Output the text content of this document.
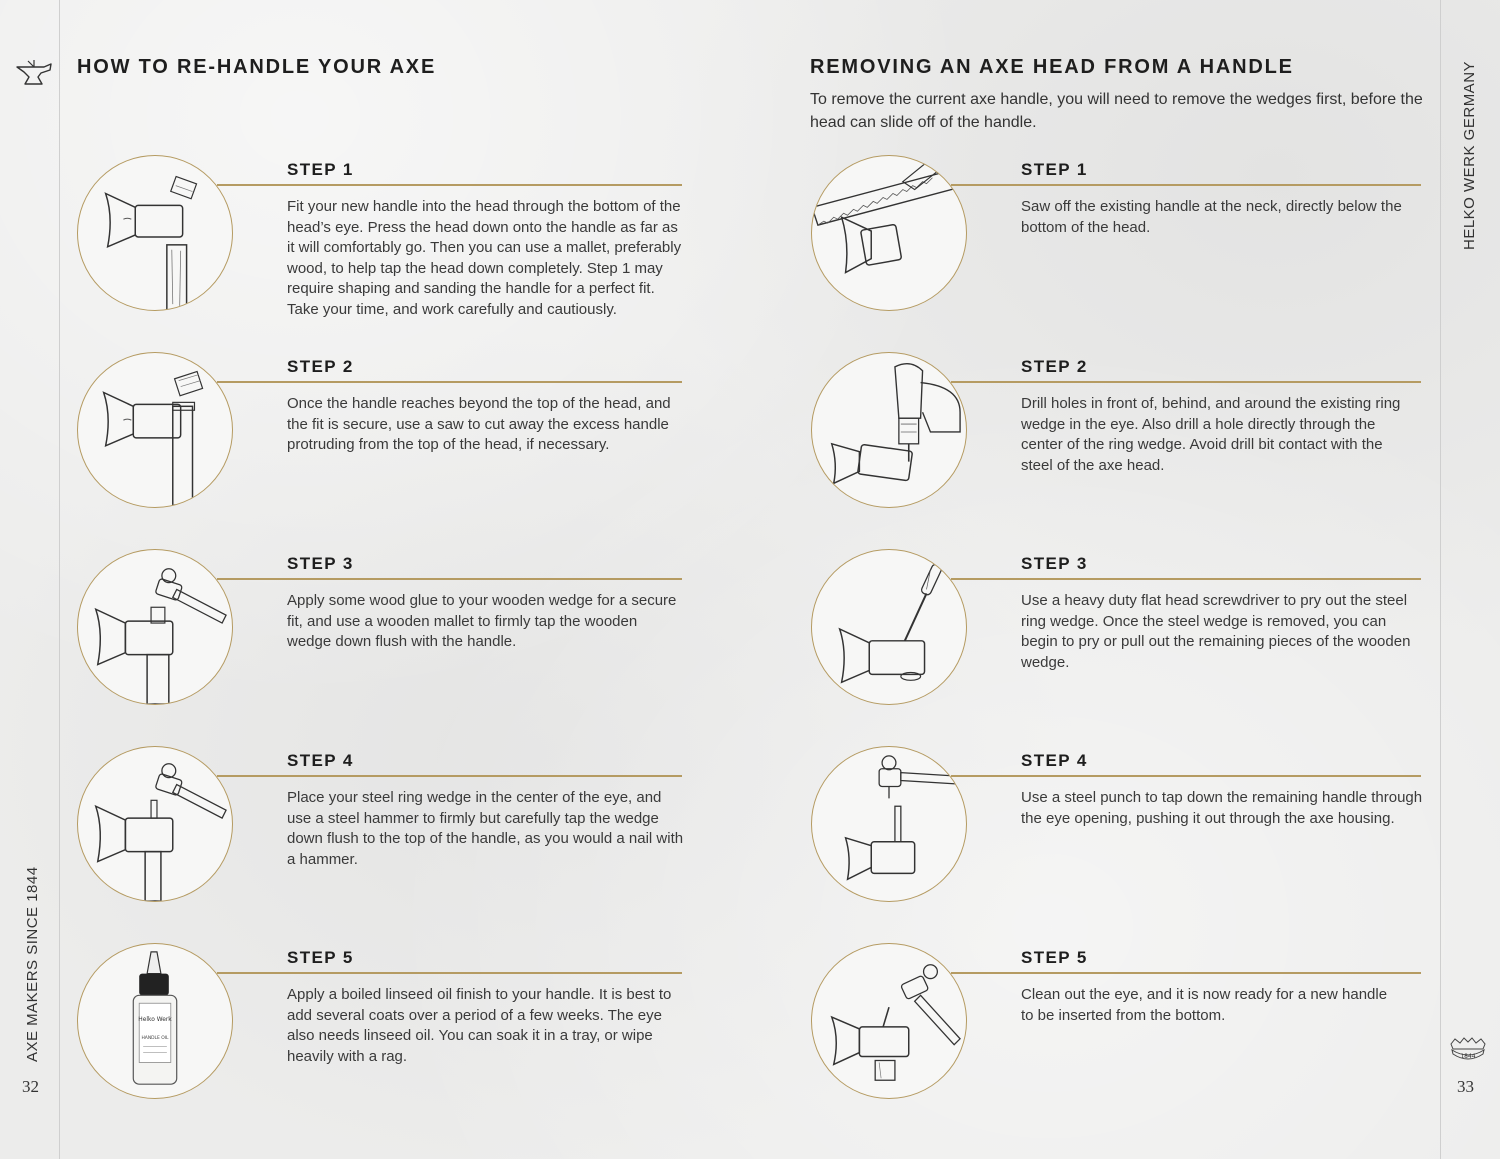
HOW TO RE-HANDLE YOUR AXE	REMOVING AN AXE HEAD FROM A HANDLE

To remove the current axe handle, you will need to remove the wedges first, before the head can slide off of the handle.

AXE MAKERS SINCE 1844
HELKO WERK GERMANY
32	33
1844
STEP 1

Fit your new handle into the head through the bottom of the head’s eye. Press the head down onto the handle as far as it will comfortably go. Then you can use a mallet, preferably wood, to help tap the head down completely. Step 1 may require shaping and sanding the handle for a perfect fit. Take your time, and work carefully and cautiously.

STEP 2

Once the handle reaches beyond the top of the head, and the fit is secure, use a saw to cut away the excess handle protruding from the top of the head, if necessary.

STEP 3

Apply some wood glue to your wooden wedge for a secure fit, and use a wooden mallet to firmly tap the wooden wedge down flush with the handle.

STEP 4

Place your steel ring wedge in the center of the eye, and use a steel hammer to firmly but carefully tap the wedge down flush to the top of the handle, as you would a nail with a hammer.

Helko Werk
HANDLE OIL
STEP 5

Apply a boiled linseed oil finish to your handle. It is best to add several coats over a period of a few weeks. The eye also needs linseed oil. You can soak it in a tray, or wipe heavily with a rag.

STEP 1

Saw off the existing handle at the neck, directly below the bottom of the head.

STEP 2

Drill holes in front of, behind, and around the existing ring wedge in the eye. Also drill a hole directly through the center of the ring wedge. Avoid drill bit contact with the steel of the axe head.

STEP 3

Use a heavy duty flat head screwdriver to pry out the steel ring wedge. Once the steel wedge is removed, you can begin to pry or pull out the remaining pieces of the wooden wedge.

STEP 4

Use a steel punch to tap down the remaining handle through the eye opening, pushing it out through the axe housing.

STEP 5

Clean out the eye, and it is now ready for a new handle to be inserted from the bottom.
